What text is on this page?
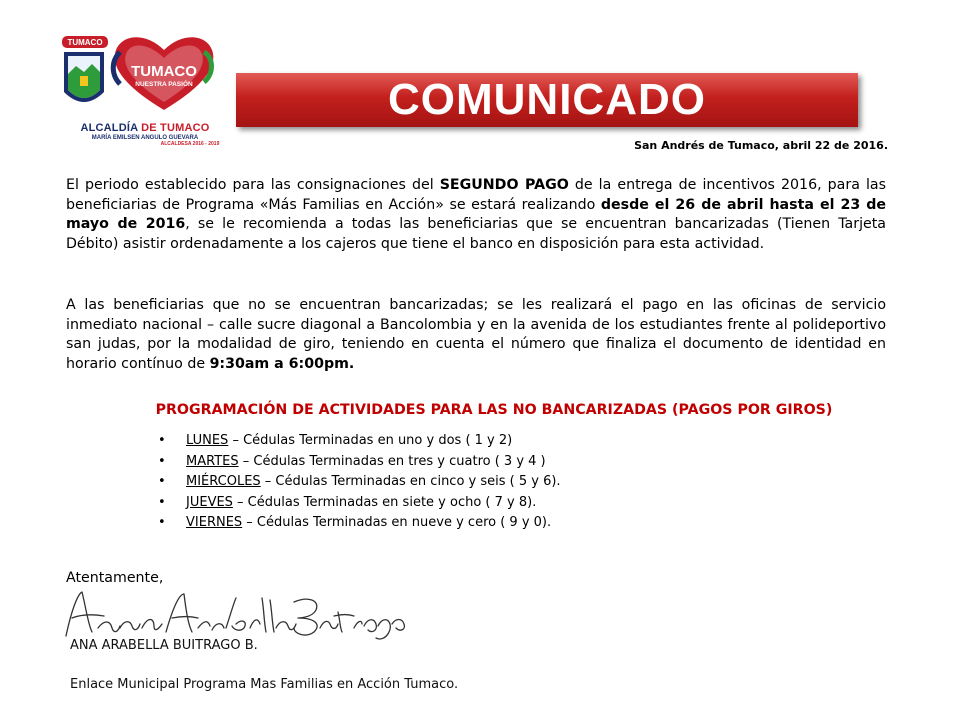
TUMACO
TUMACO
NUESTRA PASIÓN
ALCALDÍA DE TUMACO
MARÍA EMILSEN ANGULO GUEVARA
ALCALDESA 2016 - 2019
COMUNICADO
San Andrés de Tumaco, abril 22 de 2016.
El periodo establecido para las consignaciones del SEGUNDO PAGO de la entrega de incentivos 2016, para las beneficiarias de Programa «Más Familias en Acción» se estará realizando desde el 26 de abril hasta el 23 de mayo de 2016, se le recomienda a todas las beneficiarias que se encuentran bancarizadas (Tienen Tarjeta Débito) asistir ordenadamente a los cajeros que tiene el banco en disposición para esta actividad.
A las beneficiarias que no se encuentran bancarizadas; se les realizará el pago en las oficinas de servicio inmediato nacional – calle sucre diagonal a Bancolombia y en la avenida de los estudiantes frente al polideportivo san judas, por la modalidad de giro, teniendo en cuenta el número que finaliza el documento de identidad en horario contínuo de 9:30am a 6:00pm.
PROGRAMACIÓN DE ACTIVIDADES PARA LAS NO BANCARIZADAS (PAGOS POR GIROS)
• LUNES – Cédulas Terminadas en uno y dos ( 1 y 2)
• MARTES – Cédulas Terminadas en tres y cuatro ( 3 y 4 )
• MIÉRCOLES – Cédulas Terminadas en cinco y seis ( 5 y 6).
• JUEVES – Cédulas Terminadas en siete y ocho ( 7 y 8).
• VIERNES – Cédulas Terminadas en nueve y cero ( 9 y 0).
Atentamente,
ANA ARABELLA BUITRAGO B.
Enlace Municipal Programa Mas Familias en Acción Tumaco.
